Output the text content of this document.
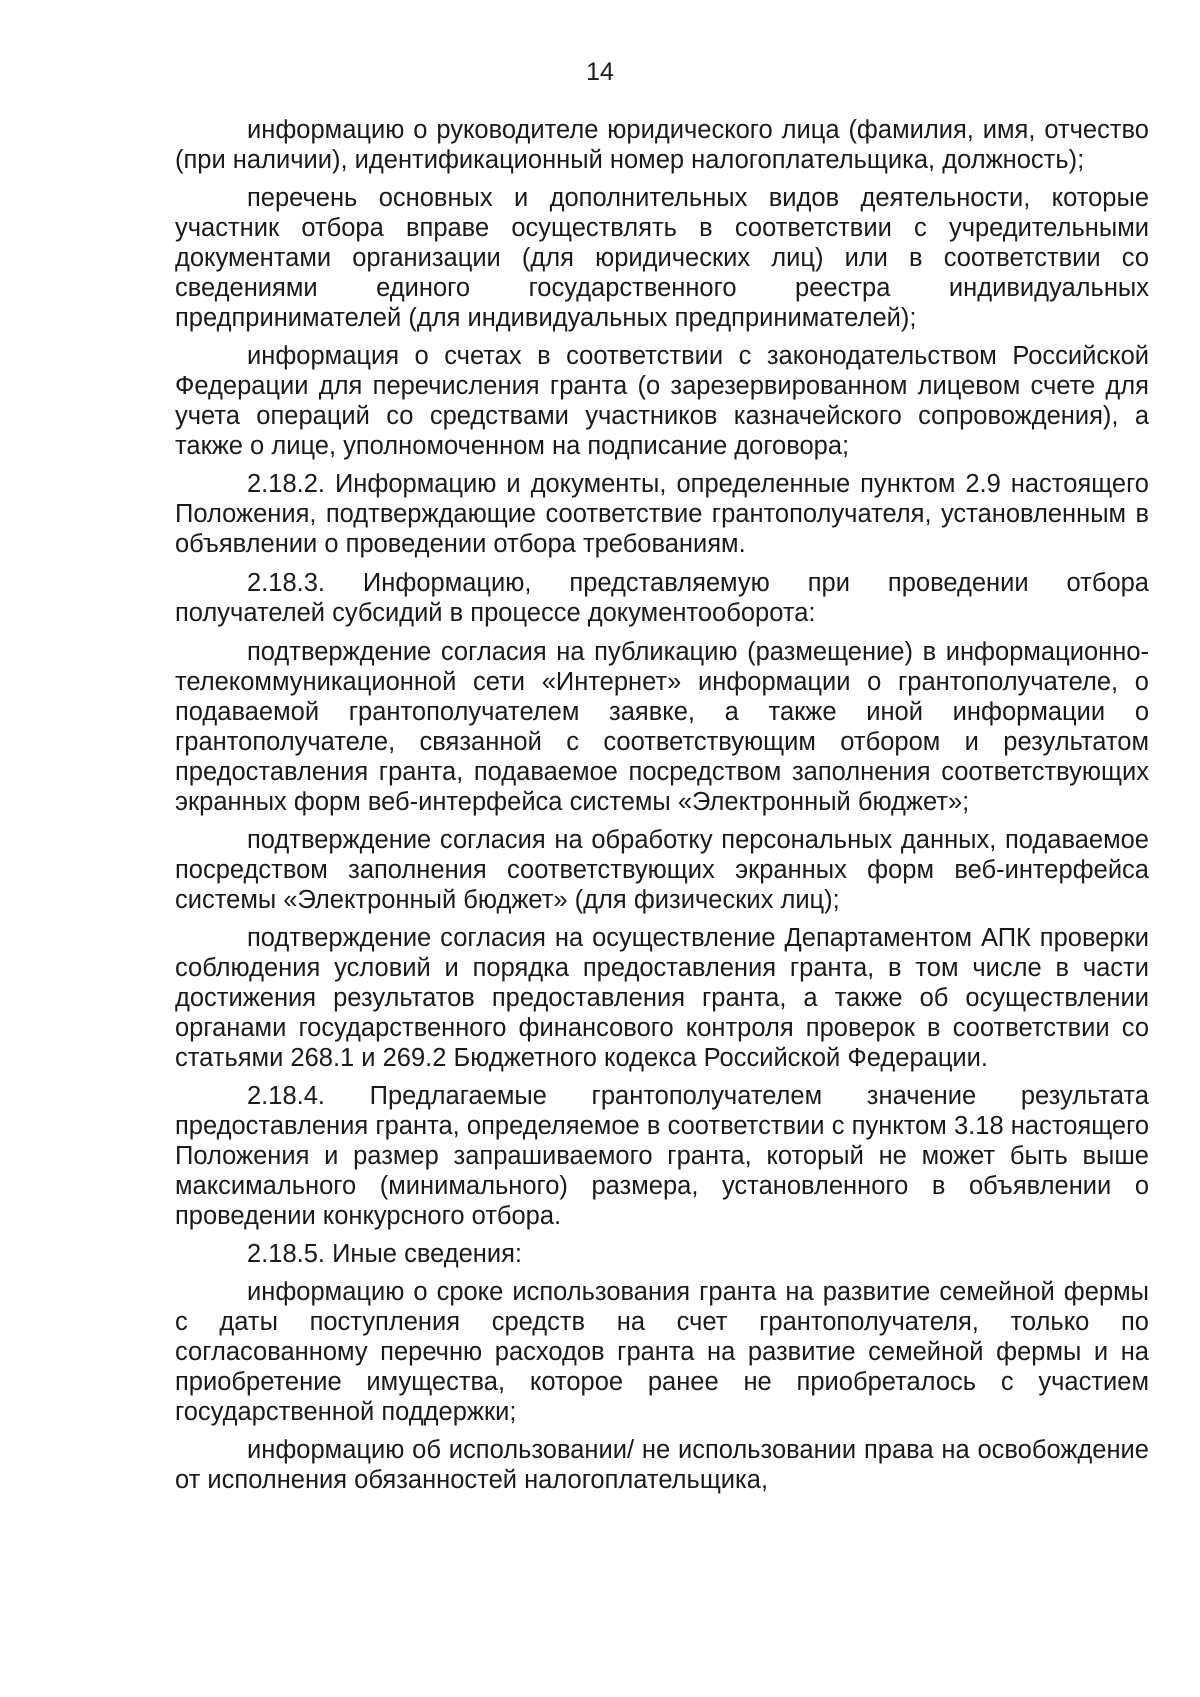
14

информацию о руководителе юридического лица (фамилия, имя, отчество (при наличии), идентификационный номер налогоплательщика, должность);

перечень основных и дополнительных видов деятельности, которые участник отбора вправе осуществлять в соответствии с учредительными документами организации (для юридических лиц) или в соответствии со сведениями единого государственного реестра индивидуальных предпринимателей (для индивидуальных предпринимателей);

информация о счетах в соответствии с законодательством Российской Федерации для перечисления гранта (о зарезервированном лицевом счете для учета операций со средствами участников казначейского сопровождения), а также о лице, уполномоченном на подписание договора;

2.18.2. Информацию и документы, определенные пунктом 2.9 настоящего Положения, подтверждающие соответствие грантополучателя, установленным в объявлении о проведении отбора требованиям.

2.18.3. Информацию, представляемую при проведении отбора получателей субсидий в процессе документооборота:

подтверждение согласия на публикацию (размещение) в информационно-телекоммуникационной сети «Интернет» информации о грантополучателе, о подаваемой грантополучателем заявке, а также иной информации о грантополучателе, связанной с соответствующим отбором и результатом предоставления гранта, подаваемое посредством заполнения соответствующих экранных форм веб-интерфейса системы «Электронный бюджет»;

подтверждение согласия на обработку персональных данных, подаваемое посредством заполнения соответствующих экранных форм веб-интерфейса системы «Электронный бюджет» (для физических лиц);

подтверждение согласия на осуществление Департаментом АПК проверки соблюдения условий и порядка предоставления гранта, в том числе в части достижения результатов предоставления гранта, а также об осуществлении органами государственного финансового контроля проверок в соответствии со статьями 268.1 и 269.2 Бюджетного кодекса Российской Федерации.

2.18.4. Предлагаемые грантополучателем значение результата предоставления гранта, определяемое в соответствии с пунктом 3.18 настоящего Положения и размер запрашиваемого гранта, который не может быть выше максимального (минимального) размера, установленного в объявлении о проведении конкурсного отбора.

2.18.5. Иные сведения:

информацию о сроке использования гранта на развитие семейной фермы с даты поступления средств на счет грантополучателя, только по согласованному перечню расходов гранта на развитие семейной фермы и на приобретение имущества, которое ранее не приобреталось с участием государственной поддержки;

информацию об использовании/ не использовании права на освобождение от исполнения обязанностей налогоплательщика,
